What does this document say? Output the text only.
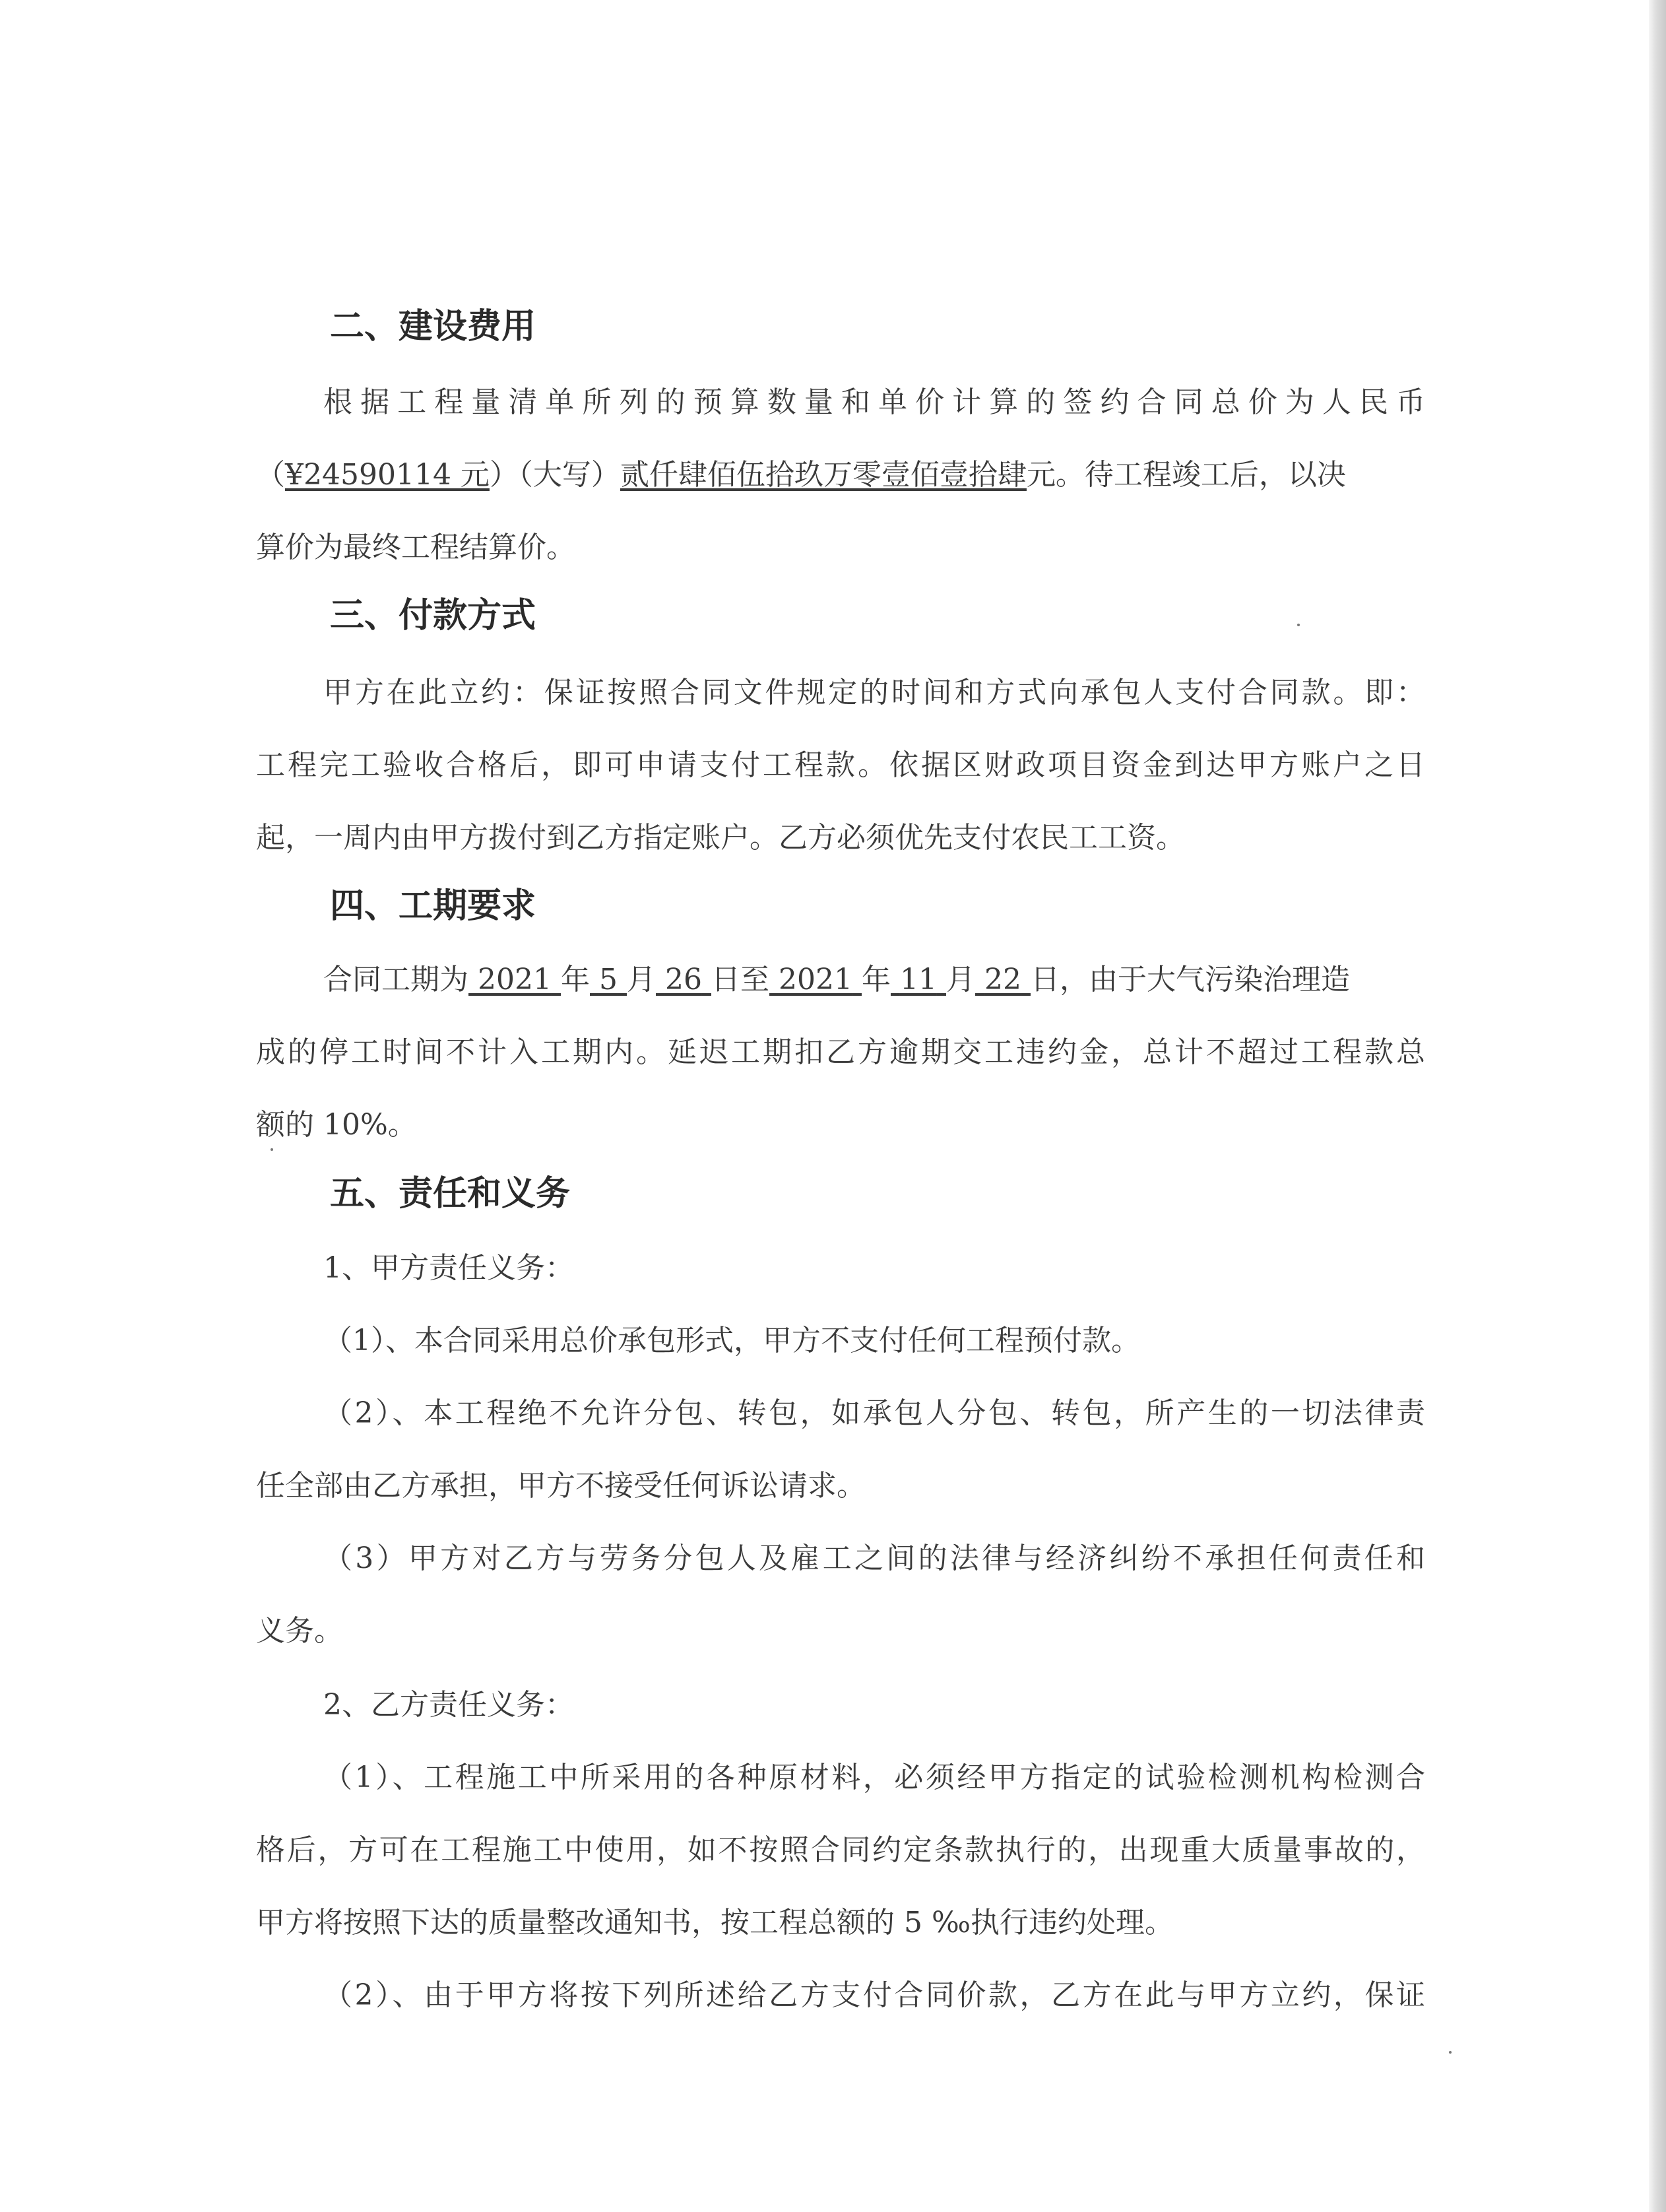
二、建设费用
根据工程量清单所列的预算数量和单价计算的签约合同总价为人民币
（¥24590114 元）（大写）贰仟肆佰伍拾玖万零壹佰壹拾肆元。待工程竣工后，以决
算价为最终工程结算价。
三、付款方式
甲方在此立约：保证按照合同文件规定的时间和方式向承包人支付合同款。即：
工程完工验收合格后，即可申请支付工程款。依据区财政项目资金到达甲方账户之日
起，一周内由甲方拨付到乙方指定账户。乙方必须优先支付农民工工资。
四、工期要求
合同工期为 2021 年 5 月 26 日至 2021 年 11 月 22 日，由于大气污染治理造
成的停工时间不计入工期内。延迟工期扣乙方逾期交工违约金，总计不超过工程款总
额的 10%。
五、责任和义务
1、甲方责任义务：
（1）、本合同采用总价承包形式，甲方不支付任何工程预付款。
（2）、本工程绝不允许分包、转包，如承包人分包、转包，所产生的一切法律责
任全部由乙方承担，甲方不接受任何诉讼请求。
（3）甲方对乙方与劳务分包人及雇工之间的法律与经济纠纷不承担任何责任和
义务。
2、乙方责任义务：
（1）、工程施工中所采用的各种原材料，必须经甲方指定的试验检测机构检测合
格后，方可在工程施工中使用，如不按照合同约定条款执行的，出现重大质量事故的，
甲方将按照下达的质量整改通知书，按工程总额的 5 ‰执行违约处理。
（2）、由于甲方将按下列所述给乙方支付合同价款，乙方在此与甲方立约，保证
